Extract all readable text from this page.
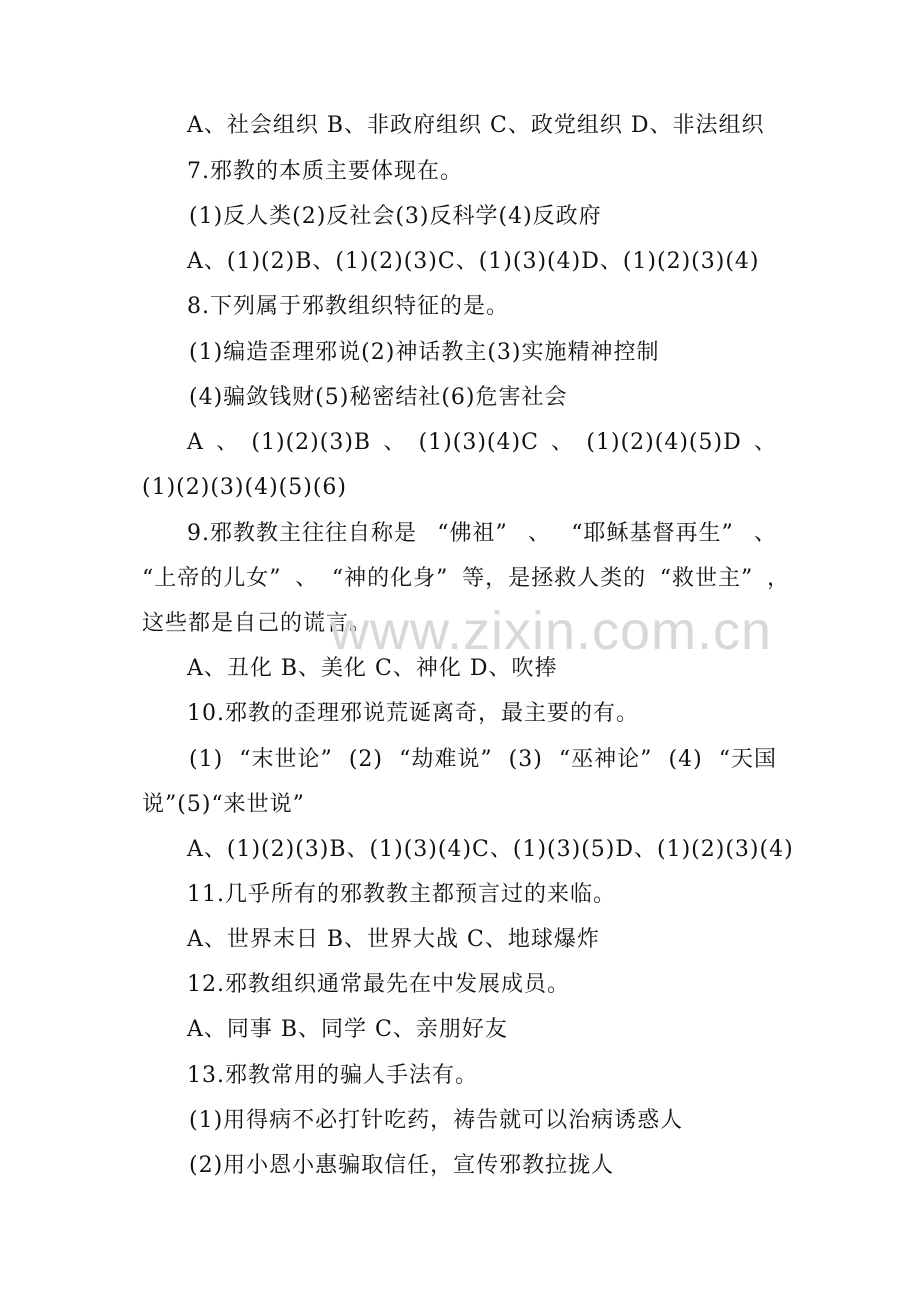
A、社会组织 B、非政府组织 C、政党组织 D、非法组织
7.邪教的本质主要体现在。
(1)反人类(2)反社会(3)反科学(4)反政府
A、(1)(2)B、(1)(2)(3)C、(1)(3)(4)D、(1)(2)(3)(4)
8.下列属于邪教组织特征的是。
(1)编造歪理邪说(2)神话教主(3)实施精神控制
(4)骗敛钱财(5)秘密结社(6)危害社会
A 、 (1)(2)(3)B 、 (1)(3)(4)C 、 (1)(2)(4)(5)D 、
(1)(2)(3)(4)(5)(6)
9.邪教教主往往自称是 “佛祖” 、 “耶稣基督再生” 、
“上帝的儿女” 、 “神的化身” 等，是拯救人类的 “救世主” ，
这些都是自己的谎言。
A、丑化 B、美化 C、神化 D、吹捧
10.邪教的歪理邪说荒诞离奇，最主要的有。
(1) “末世论” (2) “劫难说” (3) “巫神论” (4) “天国
说”(5)“来世说”
A、(1)(2)(3)B、(1)(3)(4)C、(1)(3)(5)D、(1)(2)(3)(4)
11.几乎所有的邪教教主都预言过的来临。
A、世界末日 B、世界大战 C、地球爆炸
12.邪教组织通常最先在中发展成员。
A、同事 B、同学 C、亲朋好友
13.邪教常用的骗人手法有。
(1)用得病不必打针吃药，祷告就可以治病诱惑人
(2)用小恩小惠骗取信任，宣传邪教拉拢人
www.zixin.com.cn
